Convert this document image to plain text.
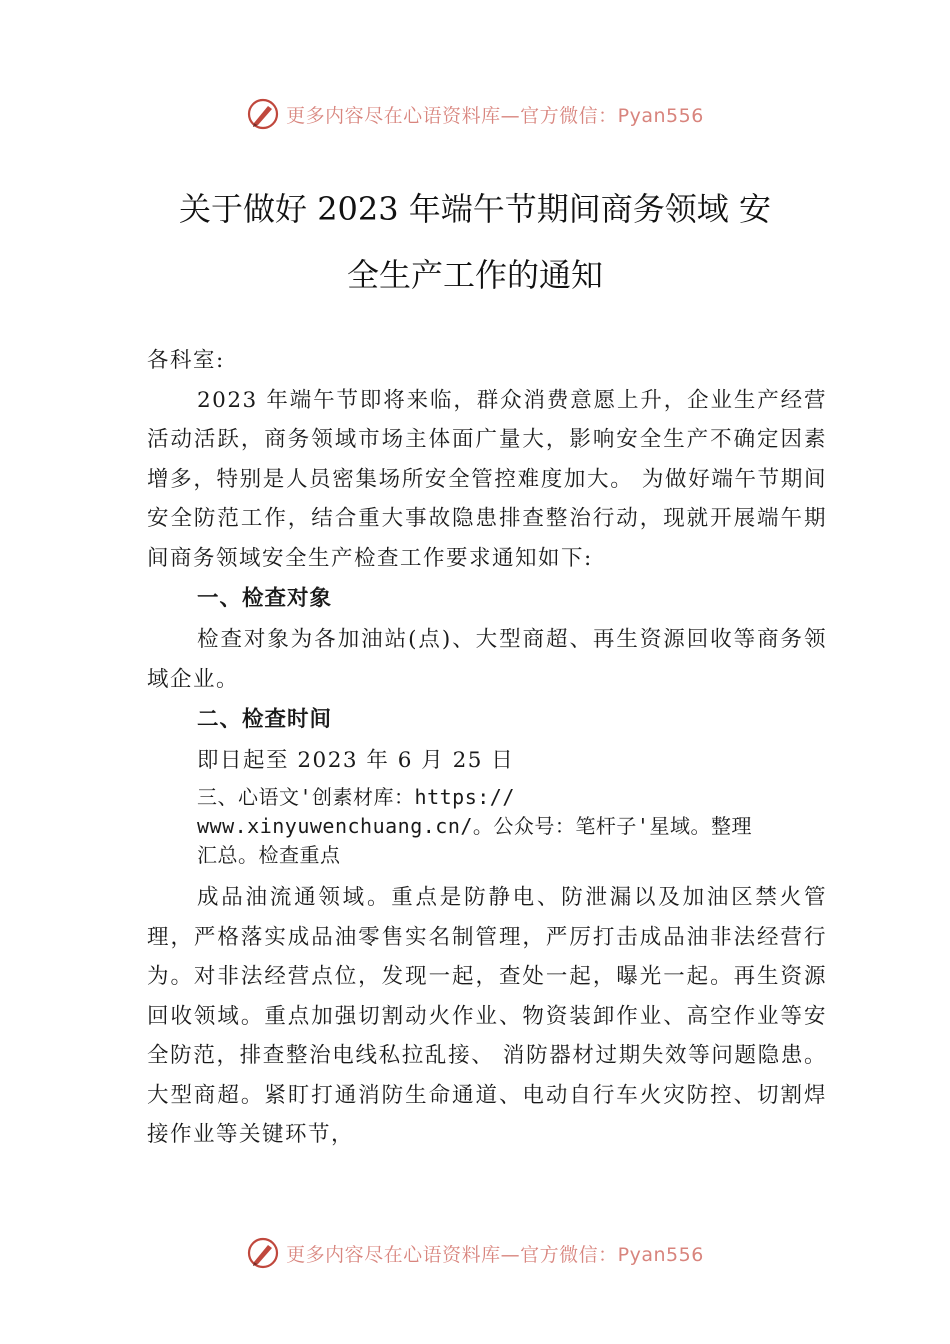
更多内容尽在心语资料库—官方微信：Pyan556
关于做好 2023 年端午节期间商务领域 安
全生产工作的通知

各科室:

2023 年端午节即将来临，群众消费意愿上升，企业生产经营活动活跃，商务领域市场主体面广量大，影响安全生产不确定因素增多，特别是人员密集场所安全管控难度加大。 为做好端午节期间安全防范工作，结合重大事故隐患排查整治行动，现就开展端午期间商务领域安全生产检查工作要求通知如下:

一、检查对象

检查对象为各加油站(点)、大型商超、再生资源回收等商务领域企业。

二、检查时间

即日起至 2023 年 6 月 25 日

三、心语文'创素材库：https://
www.xinyuwenchuang.cn/。公众号：笔杆子'星域。整理
汇总。检查重点

成品油流通领域。重点是防静电、防泄漏以及加油区禁火管理，严格落实成品油零售实名制管理，严厉打击成品油非法经营行为。对非法经营点位，发现一起，查处一起，曝光一起。再生资源回收领域。重点加强切割动火作业、物资装卸作业、高空作业等安全防范，排查整治电线私拉乱接、 消防器材过期失效等问题隐患。大型商超。紧盯打通消防生命通道、电动自行车火灾防控、切割焊接作业等关键环节，

更多内容尽在心语资料库—官方微信：Pyan556
